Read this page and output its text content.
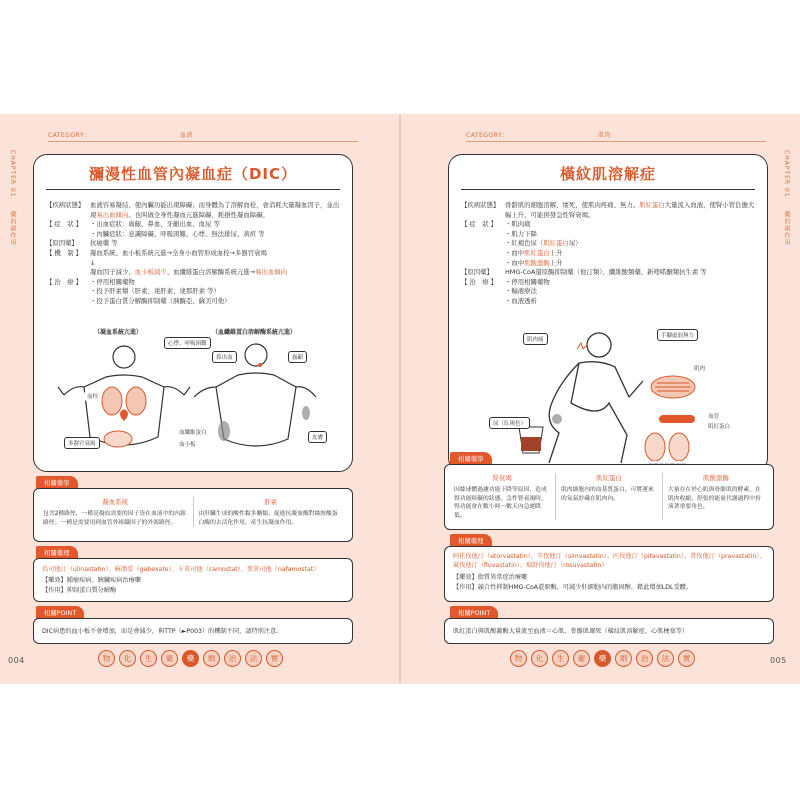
CATEGORY：	血液
CHAPTER 01 藥的副作用
瀰漫性血管內凝血症（DIC）
【疾病狀態】 血液容易凝結，使內臟功能出現障礙；而身體為了溶解血栓，會消耗大量凝血因子，並出現易出血傾向。也叫做全身性凝血亢進障礙、耗損性凝血障礙。
【 症　狀 】	・出血症狀：齒齦、鼻血、牙齦出血、血尿 等
・內臟症狀：意識障礙、呼吸困難、心悸、無法排尿、黃疸 等
【原因藥】	抗癌藥 等
【 機　制 】	凝血系統、血小板系統亢進→全身小血管形成血栓→多器官衰竭
↓
凝血因子減少、血小板減少、血纖維蛋白溶解酶系統亢進→易出血傾向
【 治　療 】	・停用相關藥物
・投予肝素類（肝素、達肝素、達那肝素 等）
・投予蛋白質分解酶抑制藥（胰酶亞、蘇美可他）
（凝血系統亢進）	（血纖維蛋白溶解酶系統亢進）
心悸、呼吸困難
血栓
多器官衰竭
血纖維蛋白
血小板
鼻出血	齒齦
皮膚
相關藥學
凝血系統
包含2種路徑，一種是凝血需要的因子皆在血液中的內源路徑；一種是需要用到血管外組織因子的外源路徑。
肝素
由肝臟生成的酸性黏多醣類。促進抗凝血酶對絲胺酸蛋白酶的去活化作用，產生抗凝血作用。
相關藥理
烏司他汀（ulinastatin）、蘇脂妥（gabexate）、卡莫司他（camostat）、萘莫司他（nafamostat）
【藥效】腫瘤疾病、胰臟疾病治療藥
【作用】抑制蛋白質分解酶
相關POINT
DIC病患的血小板不會增加，而是會減少，與TTP（►P003）的機制不同，請特別注意。
物	化	生	衛	藥	劑	治	法	實
004
CATEGORY：	肌肉
CHAPTER 01 藥的副作用
橫紋肌溶解症
【疾病狀態】 骨骼肌的細胞溶解、壞死，使肌肉疼痛、無力。肌紅蛋白大量流入血液，使腎小管負擔大幅上升，可能併發急性腎衰竭。
【 症　狀 】	・肌肉痛
・肌力下降
・紅褐色尿（肌紅蛋白尿）
・血中肌紅蛋白上升
・血中肌酸激酶上升
【原因藥】	HMG-CoA還原酶抑制藥（他汀類）、纖維酸類藥、新喹喏酮類抗生素 等
【 治　療 】	・停用相關藥物
・輸液療法
・血液透析
肌肉痛
手腳虛弱無力
肌肉
肌紅蛋白
血管
尿（紅褐色）
相關藥學
腎衰竭
因絲球體過濾功能下降等原因，造成腎功能障礙的狀態。急性腎衰竭時，腎功能會在數小時～數天內急遽降低。
肌紅蛋白
肌肉細胞內的血基質蛋白。可將運來的氧氣貯藏在肌肉內。
肌酸激酶
大量存在於心肌與骨骼肌的酵素，在肌肉收縮、舒張的能量代謝過程中扮演著重要角色。
相關藥理
阿托伐他汀（atorvastatin）、辛伐他汀（simvastatin）、匹伐他汀（pitavastatin）、普伐他汀（pravastatin）、氟伐他汀（fluvastatin）、瑞舒伐他汀（rosuvastatin）
【藥效】脂質異常症治療藥
【作用】競合性抑制HMG-CoA還原酶，可減少肝細胞內的膽固醇，藉此增加LDL受體。
相關POINT
肌紅蛋白與肌酸激酶大量流至血液＝心肌、骨骼肌壞死（橫紋肌溶解症、心肌梗塞等）
物	化	生	衛	藥	劑	治	法	實	005
